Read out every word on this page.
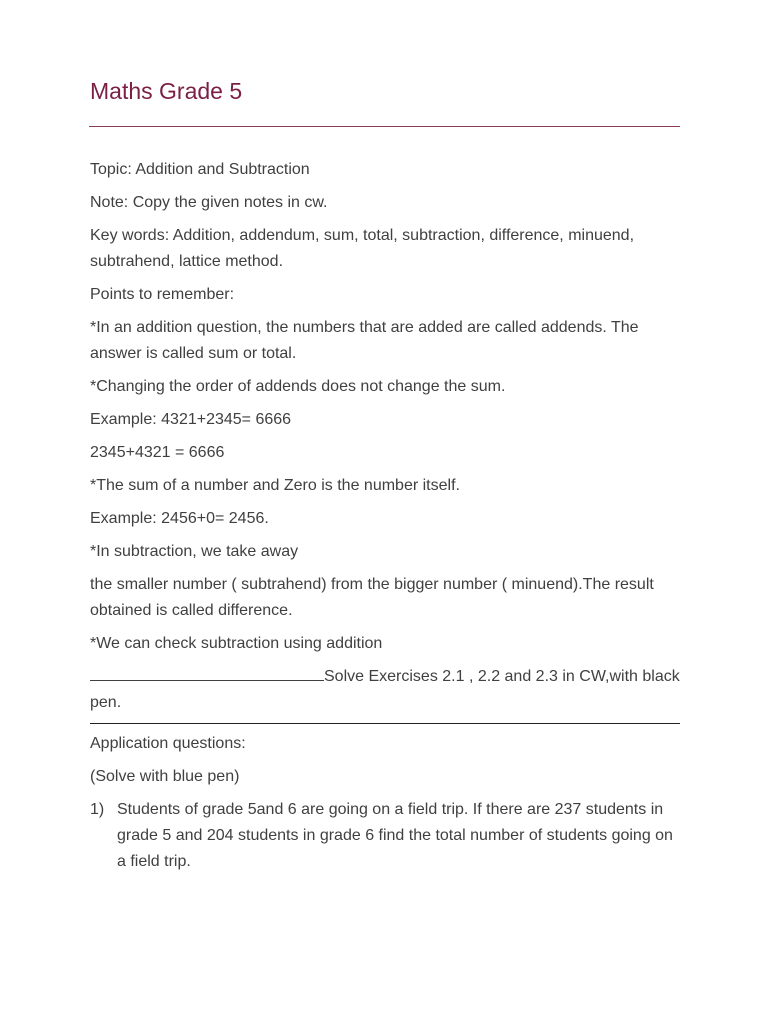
Maths Grade 5

Topic: Addition and Subtraction

Note: Copy the given notes in cw.

Key words: Addition, addendum, sum, total, subtraction, difference, minuend, subtrahend, lattice method.

Points to remember:

*In an addition question, the numbers that are added are called addends. The answer is called sum or total.

*Changing the order of addends does not change the sum.

Example: 4321+2345= 6666

2345+4321 = 6666

*The sum of a number and Zero is the number itself.

Example: 2456+0= 2456.

*In subtraction, we take away

the smaller number ( subtrahend) from the bigger number ( minuend).The result obtained is called difference.

*We can check subtraction using addition

Solve Exercises 2.1 , 2.2 and 2.3 in CW,with black pen.

Application questions:

(Solve with blue pen)

1) Students of grade 5and 6 are going on a field trip. If there are 237 students in grade 5 and 204 students in grade 6 find the total number of students going on a field trip.
